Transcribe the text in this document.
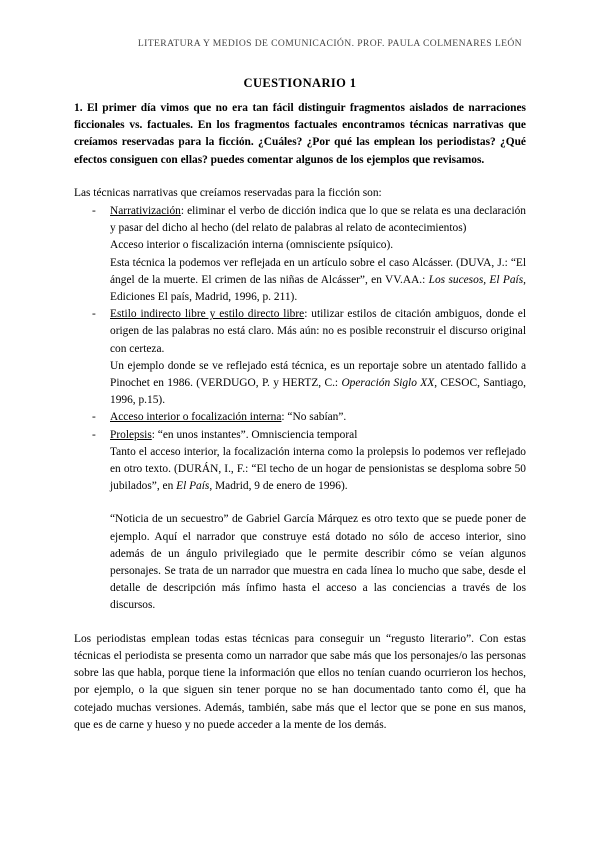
LITERATURA Y MEDIOS DE COMUNICACIÓN. PROF. PAULA COLMENARES LEÓN
CUESTIONARIO 1

1. El primer día vimos que no era tan fácil distinguir fragmentos aislados de narraciones ficcionales vs. factuales. En los fragmentos factuales encontramos técnicas narrativas que creíamos reservadas para la ficción. ¿Cuáles? ¿Por qué las emplean los periodistas? ¿Qué efectos consiguen con ellas? puedes comentar algunos de los ejemplos que revisamos.

Las técnicas narrativas que creíamos reservadas para la ficción son:

- Narrativización: eliminar el verbo de dicción indica que lo que se relata es una declaración y pasar del dicho al hecho (del relato de palabras al relato de acontecimientos)

Acceso interior o fiscalización interna (omnisciente psíquico).

Esta técnica la podemos ver reflejada en un artículo sobre el caso Alcásser. (DUVA, J.: “El ángel de la muerte. El crimen de las niñas de Alcásser”, en VV.AA.: Los sucesos, El País, Ediciones El país, Madrid, 1996, p. 211).

- Estilo indirecto libre y estilo directo libre: utilizar estilos de citación ambiguos, donde el origen de las palabras no está claro. Más aún: no es posible reconstruir el discurso original con certeza.

Un ejemplo donde se ve reflejado está técnica, es un reportaje sobre un atentado fallido a Pinochet en 1986. (VERDUGO, P. y HERTZ, C.: Operación Siglo XX, CESOC, Santiago, 1996, p.15).

- Acceso interior o focalización interna: “No sabían”.

- Prolepsis: “en unos instantes”. Omnisciencia temporal

Tanto el acceso interior, la focalización interna como la prolepsis lo podemos ver reflejado en otro texto. (DURÁN, I., F.: “El techo de un hogar de pensionistas se desploma sobre 50 jubilados”, en El País, Madrid, 9 de enero de 1996).

“Noticia de un secuestro” de Gabriel García Márquez es otro texto que se puede poner de ejemplo. Aquí el narrador que construye está dotado no sólo de acceso interior, sino además de un ángulo privilegiado que le permite describir cómo se veían algunos personajes. Se trata de un narrador que muestra en cada línea lo mucho que sabe, desde el detalle de descripción más ínfimo hasta el acceso a las conciencias a través de los discursos.

Los periodistas emplean todas estas técnicas para conseguir un “regusto literario”. Con estas técnicas el periodista se presenta como un narrador que sabe más que los personajes/o las personas sobre las que habla, porque tiene la información que ellos no tenían cuando ocurrieron los hechos, por ejemplo, o la que siguen sin tener porque no se han documentado tanto como él, que ha cotejado muchas versiones. Además, también, sabe más que el lector que se pone en sus manos, que es de carne y hueso y no puede acceder a la mente de los demás.
